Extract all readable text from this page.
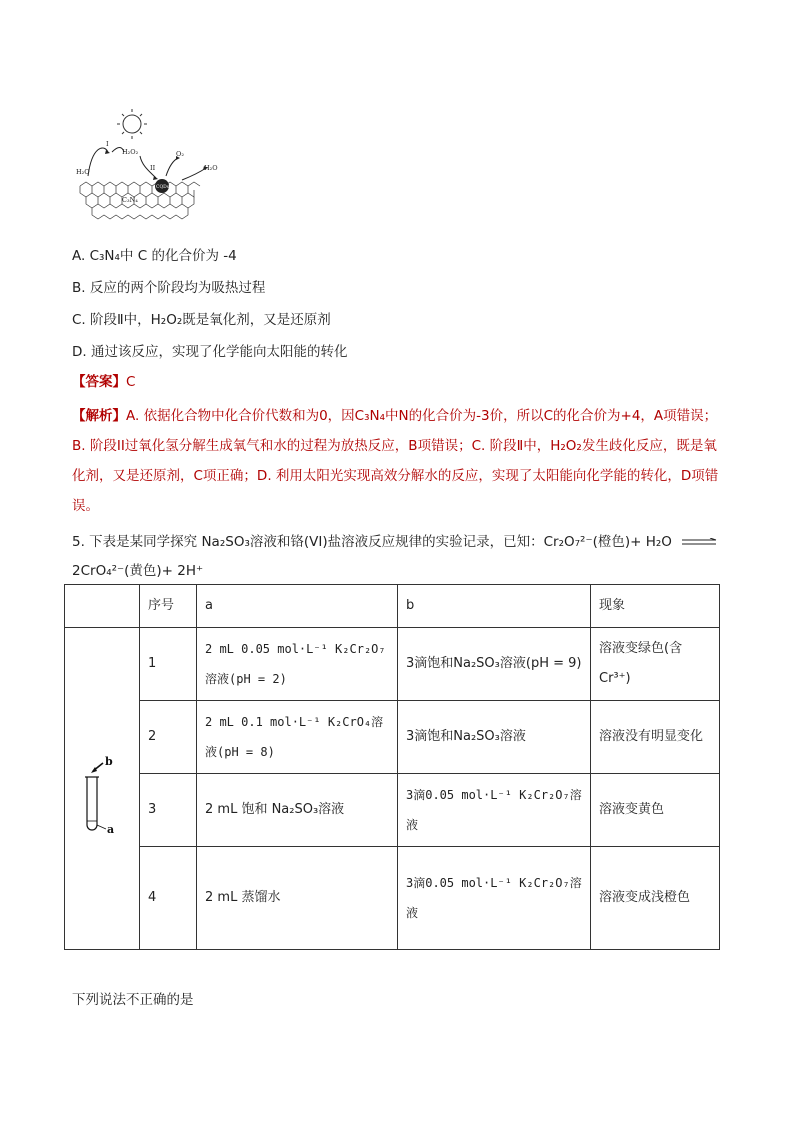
H₂O
H₂O₂	O₂
H₂O
C₃N₄
CQDs
I
II
A. C₃N₄中 C 的化合价为 -4
B. 反应的两个阶段均为吸热过程
C. 阶段Ⅱ中，H₂O₂既是氧化剂，又是还原剂
D. 通过该反应，实现了化学能向太阳能的转化
【答案】C
【解析】A. 依据化合物中化合价代数和为0，因C₃N₄中N的化合价为-3价，所以C的化合价为+4，A项错误；B. 阶段II过氧化氢分解生成氧气和水的过程为放热反应，B项错误；C. 阶段Ⅱ中，H₂O₂发生歧化反应，既是氧化剂，又是还原剂，C项正确；D. 利用太阳光实现高效分解水的反应，实现了太阳能向化学能的转化，D项错误。
5. 下表是某同学探究 Na₂SO₃溶液和铬(VI)盐溶液反应规律的实验记录，已知：Cr₂O₇²⁻(橙色)+ H₂O
2CrO₄²⁻(黄色)+ 2H⁺
	序号	a	b	现象

b
a	1	2 mL 0.05 mol·L⁻¹ K₂Cr₂O₇溶液(pH = 2)	3滴饱和Na₂SO₃溶液(pH = 9)	溶液变绿色(含Cr³⁺)
	2	2 mL 0.1 mol·L⁻¹ K₂CrO₄溶液(pH = 8)	3滴饱和Na₂SO₃溶液	溶液没有明显变化
	3	2 mL 饱和 Na₂SO₃溶液	3滴0.05 mol·L⁻¹ K₂Cr₂O₇溶液	溶液变黄色
	4	2 mL 蒸馏水	3滴0.05 mol·L⁻¹ K₂Cr₂O₇溶液	溶液变成浅橙色
下列说法不正确的是
